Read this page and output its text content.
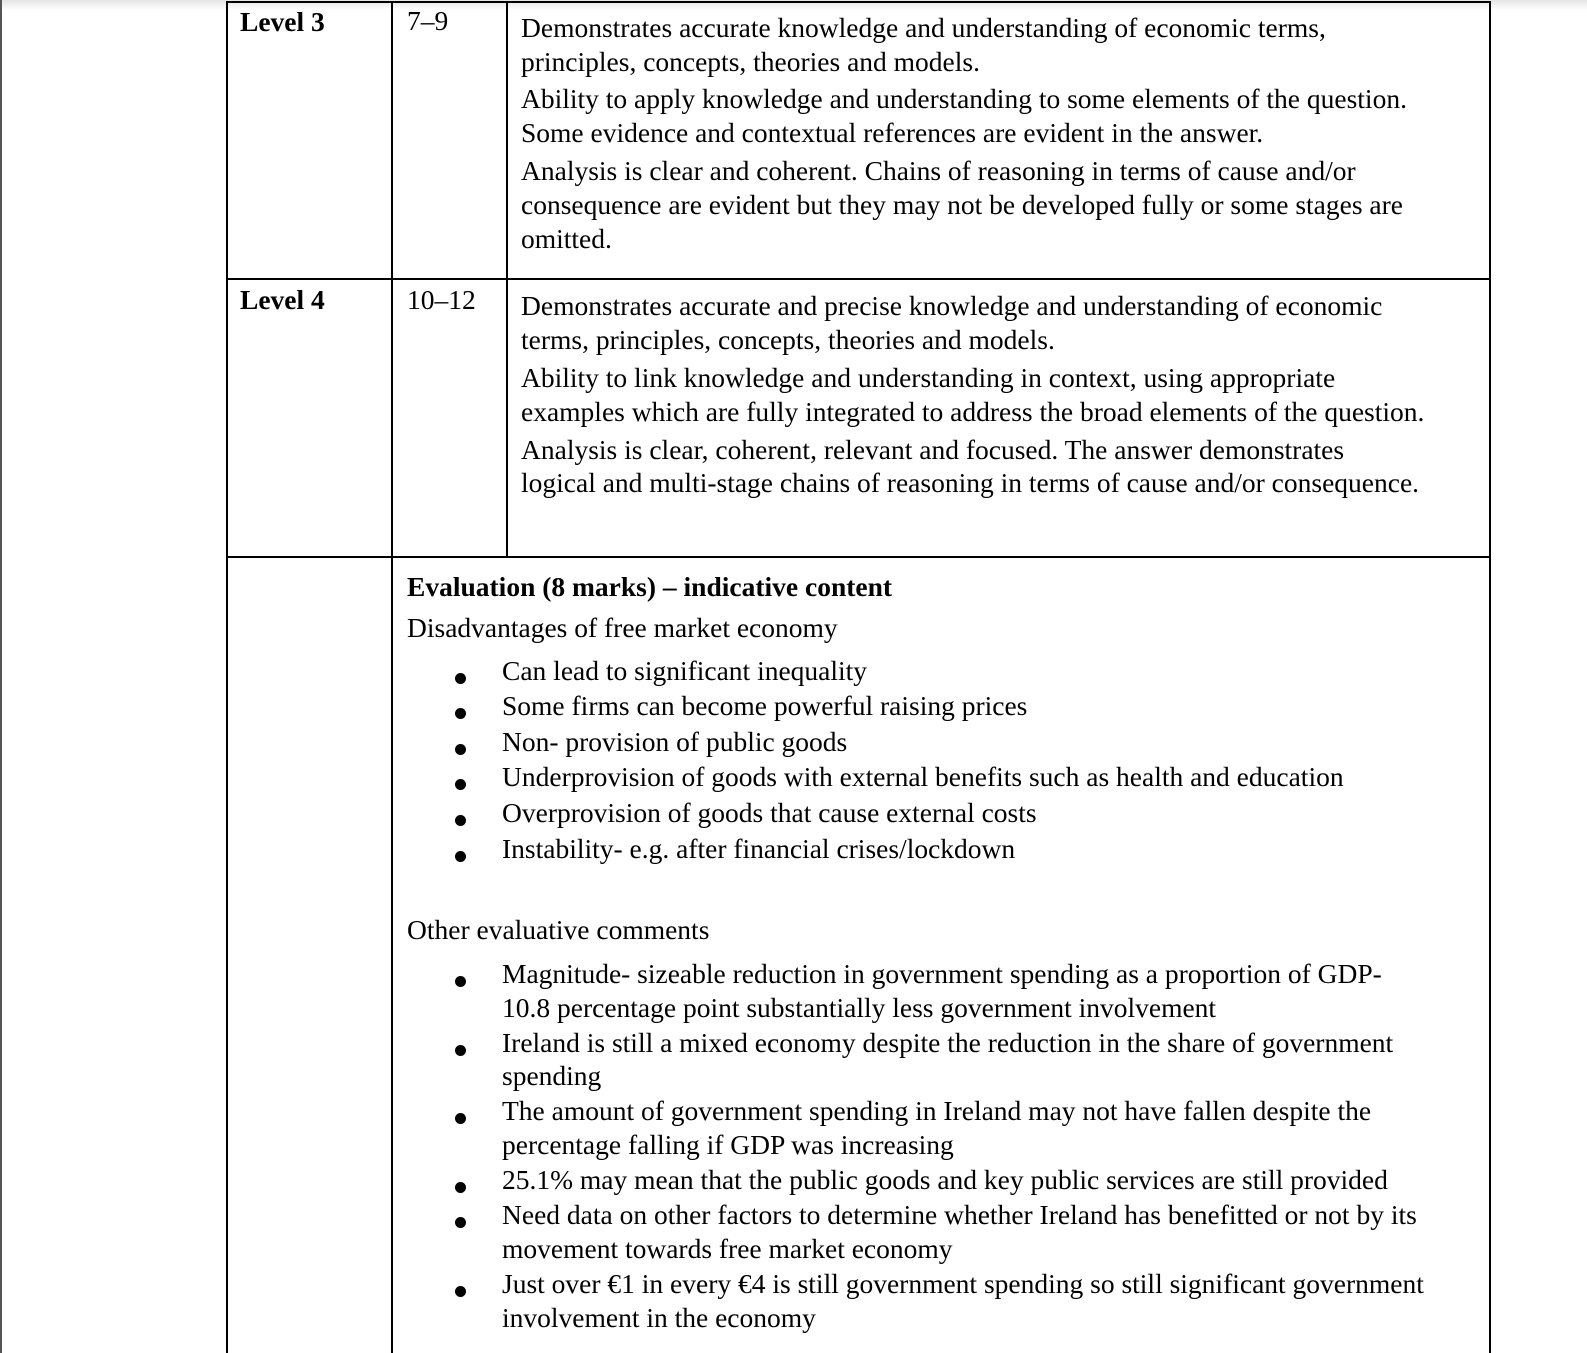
Level 3	7–9	Demonstrates accurate knowledge and understanding of economic terms,
principles, concepts, theories and models.
Ability to apply knowledge and understanding to some elements of the question.
Some evidence and contextual references are evident in the answer.
Analysis is clear and coherent. Chains of reasoning in terms of cause and/or
consequence are evident but they may not be developed fully or some stages are
omitted.
Level 4	10–12 Demonstrates accurate and precise knowledge and understanding of economic
terms, principles, concepts, theories and models.
Ability to link knowledge and understanding in context, using appropriate
examples which are fully integrated to address the broad elements of the question.
Analysis is clear, coherent, relevant and focused. The answer demonstrates
logical and multi-stage chains of reasoning in terms of cause and/or consequence.
Evaluation (8 marks) – indicative content
Disadvantages of free market economy
Can lead to significant inequality
Some firms can become powerful raising prices
Non- provision of public goods
Underprovision of goods with external benefits such as health and education
Overprovision of goods that cause external costs
Instability- e.g. after financial crises/lockdown
Other evaluative comments
Magnitude- sizeable reduction in government spending as a proportion of GDP-
10.8 percentage point substantially less government involvement
Ireland is still a mixed economy despite the reduction in the share of government
spending
The amount of government spending in Ireland may not have fallen despite the
percentage falling if GDP was increasing
25.1% may mean that the public goods and key public services are still provided
Need data on other factors to determine whether Ireland has benefitted or not by its
movement towards free market economy
Just over €1 in every €4 is still government spending so still significant government
involvement in the economy
